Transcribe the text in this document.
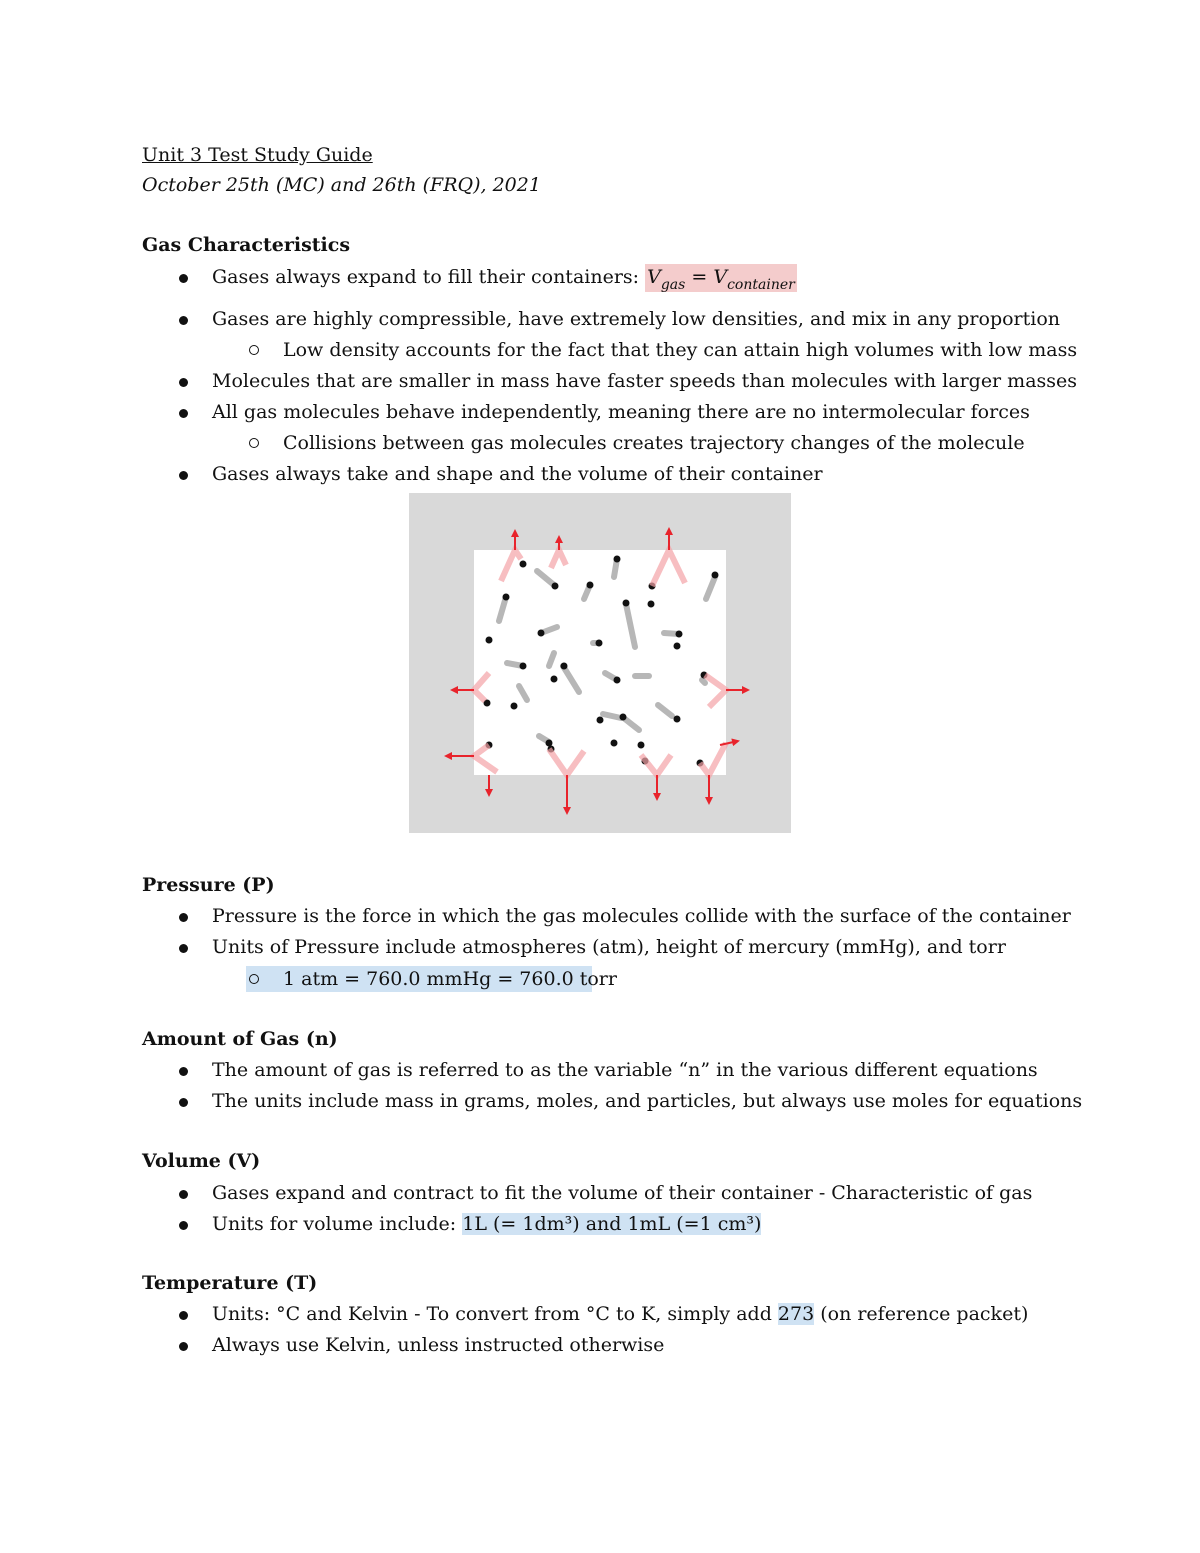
Unit 3 Test Study Guide
October 25th (MC) and 26th (FRQ), 2021
Gas Characteristics
Gases always expand to fill their containers: $V_{gas} = V_{container}$
Gases are highly compressible, have extremely low densities, and mix in any proportion
Low density accounts for the fact that they can attain high volumes with low mass
Molecules that are smaller in mass have faster speeds than molecules with larger masses
All gas molecules behave independently, meaning there are no intermolecular forces
Collisions between gas molecules creates trajectory changes of the molecule
Gases always take and shape and the volume of their container
Pressure (P)
Pressure is the force in which the gas molecules collide with the surface of the container
Units of Pressure include atmospheres (atm), height of mercury (mmHg), and torr
1 atm = 760.0 mmHg = 760.0 torr
Amount of Gas (n)
The amount of gas is referred to as the variable “n” in the various different equations
The units include mass in grams, moles, and particles, but always use moles for equations
Volume (V)
Gases expand and contract to fit the volume of their container - Characteristic of gas
Units for volume include: 1L (= 1dm³) and 1mL (=1 cm³)
Temperature (T)
Units: °C and Kelvin - To convert from °C to K, simply add 273 (on reference packet)
Always use Kelvin, unless instructed otherwise
